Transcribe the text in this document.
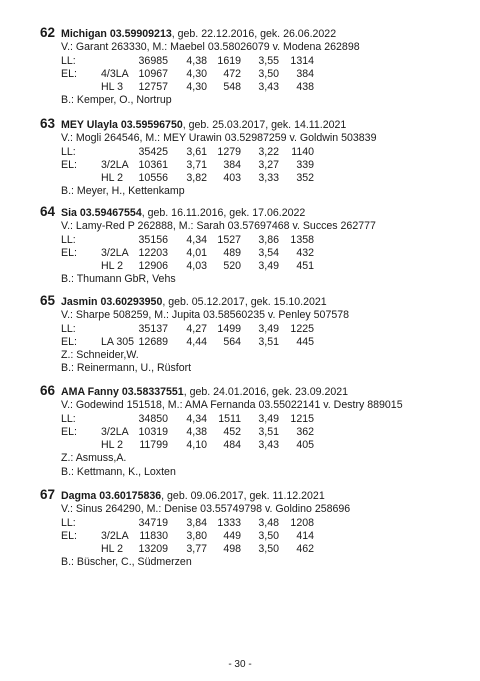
62 Michigan 03.59909213, geb. 22.12.2016, gek. 26.06.2022
V.: Garant 263330, M.: Maebel 03.58026079 v. Modena 262898
LL:	36985 4,38 1619 3,55 1314
EL: 4/3LA 10967 4,30 472 3,50 384
HL 3 12757 4,30 548 3,43 438
B.: Kemper, O., Nortrup
63 MEY Ulayla 03.59596750, geb. 25.03.2017, gek. 14.11.2021
V.: Mogli 264546, M.: MEY Urawin 03.52987259 v. Goldwin 503839
LL:	35425 3,61 1279 3,22 1140
EL: 3/2LA 10361 3,71 384 3,27 339
HL 2 10556 3,82 403 3,33 352
B.: Meyer, H., Kettenkamp
64 Sia 03.59467554, geb. 16.11.2016, gek. 17.06.2022
V.: Lamy-Red P 262888, M.: Sarah 03.57697468 v. Succes 262777
LL:	35156 4,34 1527 3,86 1358
EL: 3/2LA 12203 4,01 489 3,54 432
HL 2 12906 4,03 520 3,49 451
B.: Thumann GbR, Vehs
65 Jasmin 03.60293950, geb. 05.12.2017, gek. 15.10.2021
V.: Sharpe 508259, M.: Jupita 03.58560235 v. Penley 507578
LL:	35137 4,27 1499 3,49 1225
EL: LA 305 12689 4,44 564 3,51 445
Z.: Schneider,W.
B.: Reinermann, U., Rüsfort
66 AMA Fanny 03.58337551, geb. 24.01.2016, gek. 23.09.2021
V.: Godewind 151518, M.: AMA Fernanda 03.55022141 v. Destry 889015
LL:	34850 4,34 1511 3,49 1215
EL: 3/2LA 10319 4,38 452 3,51 362
HL 2 11799 4,10 484 3,43 405
Z.: Asmuss,A.
B.: Kettmann, K., Loxten
67 Dagma 03.60175836, geb. 09.06.2017, gek. 11.12.2021
V.: Sinus 264290, M.: Denise 03.55749798 v. Goldino 258696
LL:	34719 3,84 1333 3,48 1208
EL: 3/2LA 11830 3,80 449 3,50 414
HL 2 13209 3,77 498 3,50 462
B.: Büscher, C., Südmerzen
- 30 -
